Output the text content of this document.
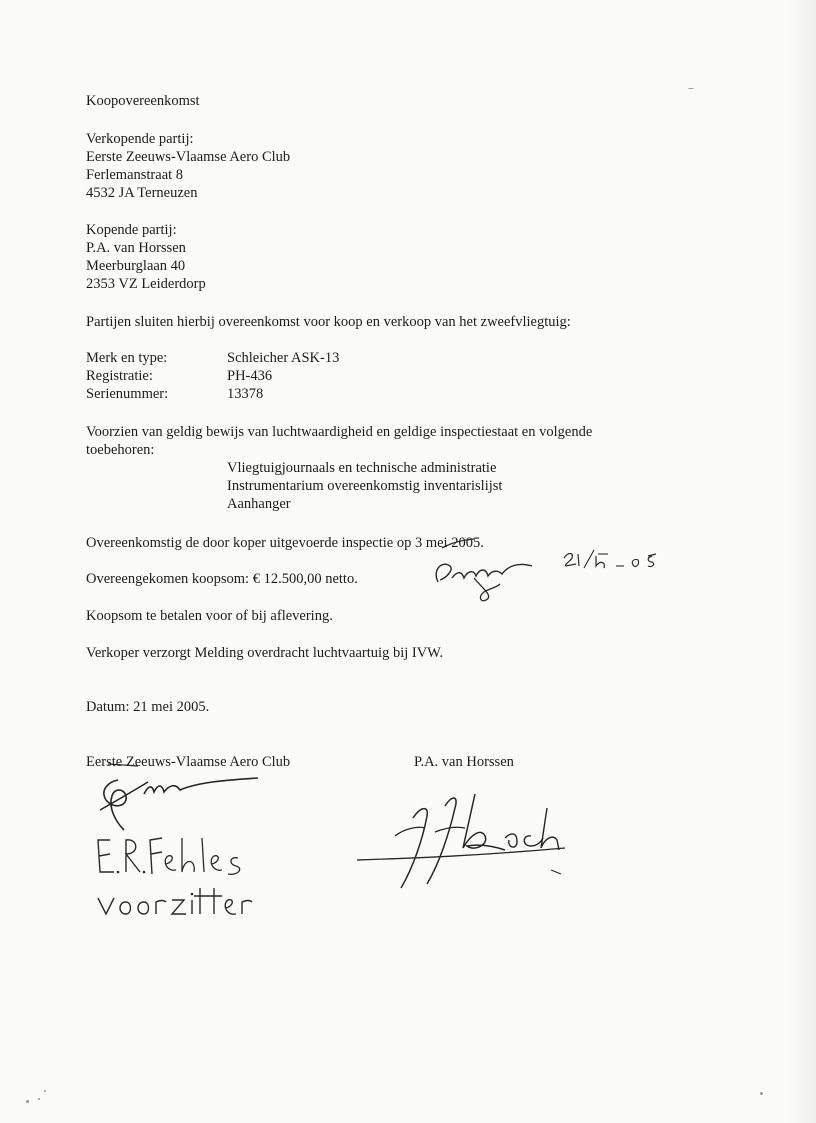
Koopovereenkomst
Verkopende partij:
Eerste Zeeuws-Vlaamse Aero Club
Ferlemanstraat 8
4532 JA Terneuzen
Kopende partij:
P.A. van Horssen
Meerburglaan 40
2353 VZ Leiderdorp
Partijen sluiten hierbij overeenkomst voor koop en verkoop van het zweefvliegtuig:
Merk en type:	Schleicher ASK-13
Registratie:	PH-436
Serienummer:	13378
Voorzien van geldig bewijs van luchtwaardigheid en geldige inspectiestaat en volgende
toebehoren:
Vliegtuigjournaals en technische administratie
Instrumentarium overeenkomstig inventarislijst
Aanhanger
Overeenkomstig de door koper uitgevoerde inspectie op 3 mei 2005.
Overeengekomen koopsom: € 12.500,00 netto.
Koopsom te betalen voor of bij aflevering.
Verkoper verzorgt Melding overdracht luchtvaartuig bij IVW.
Datum: 21 mei 2005.
Eerste Zeeuws-Vlaamse Aero Club	P.A. van Horssen
